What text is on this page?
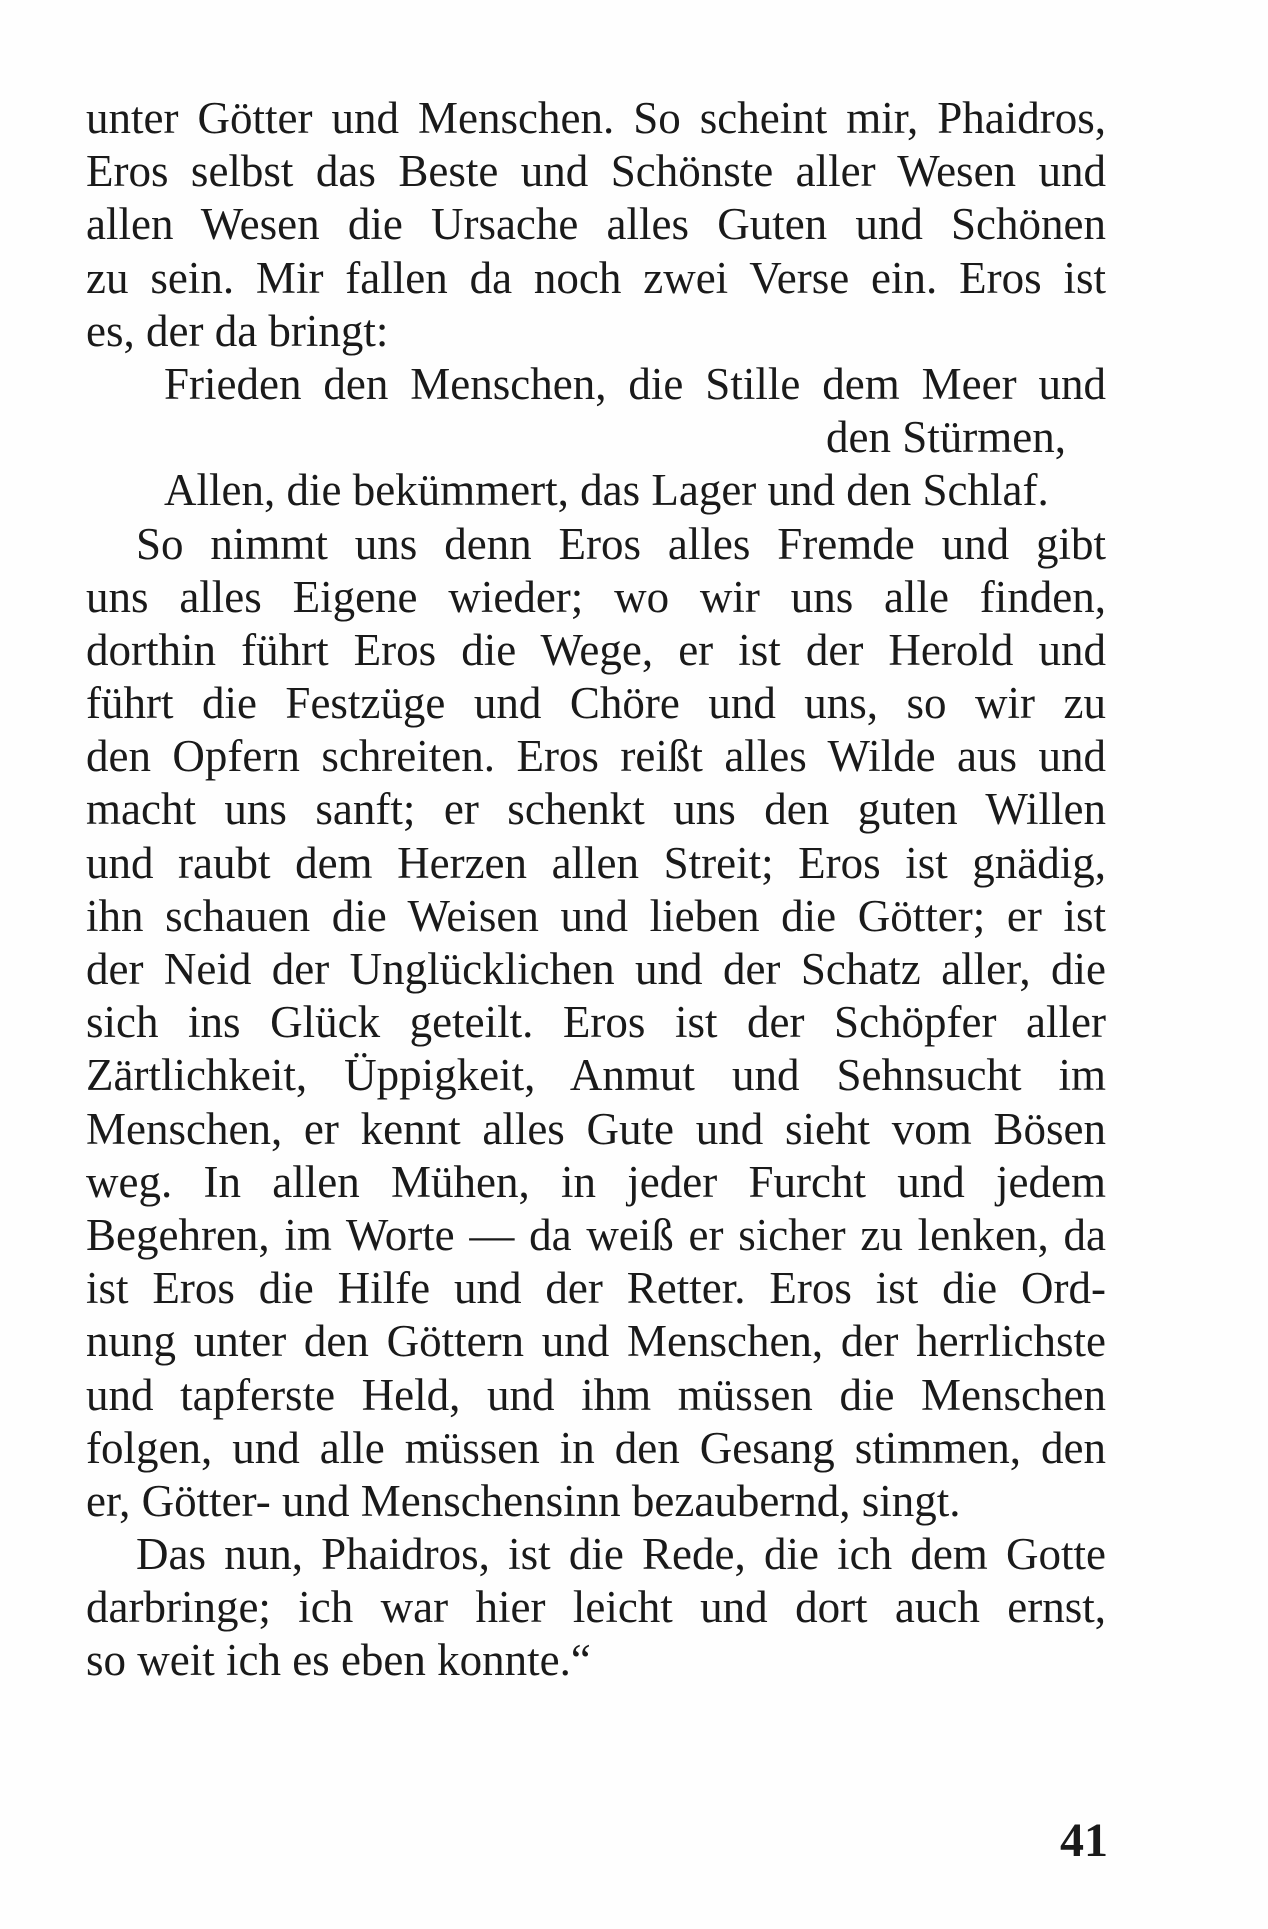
unter Götter und Menschen. So scheint mir, Phaidros,
Eros selbst das Beste und Schönste aller Wesen und
allen Wesen die Ursache alles Guten und Schönen
zu sein. Mir fallen da noch zwei Verse ein. Eros ist
es, der da bringt:
Frieden den Menschen, die Stille dem Meer und
den Stürmen,
Allen, die bekümmert, das Lager und den Schlaf.
So nimmt uns denn Eros alles Fremde und gibt
uns alles Eigene wieder; wo wir uns alle finden,
dorthin führt Eros die Wege, er ist der Herold und
führt die Festzüge und Chöre und uns, so wir zu
den Opfern schreiten. Eros reißt alles Wilde aus und
macht uns sanft; er schenkt uns den guten Willen
und raubt dem Herzen allen Streit; Eros ist gnädig,
ihn schauen die Weisen und lieben die Götter; er ist
der Neid der Unglücklichen und der Schatz aller, die
sich ins Glück geteilt. Eros ist der Schöpfer aller
Zärtlichkeit, Üppigkeit, Anmut und Sehnsucht im
Menschen, er kennt alles Gute und sieht vom Bösen
weg. In allen Mühen, in jeder Furcht und jedem
Begehren, im Worte — da weiß er sicher zu lenken, da
ist Eros die Hilfe und der Retter. Eros ist die Ord-
nung unter den Göttern und Menschen, der herrlichste
und tapferste Held, und ihm müssen die Menschen
folgen, und alle müssen in den Gesang stimmen, den
er, Götter- und Menschensinn bezaubernd, singt.
Das nun, Phaidros, ist die Rede, die ich dem Gotte
darbringe; ich war hier leicht und dort auch ernst,
so weit ich es eben konnte.“
41
